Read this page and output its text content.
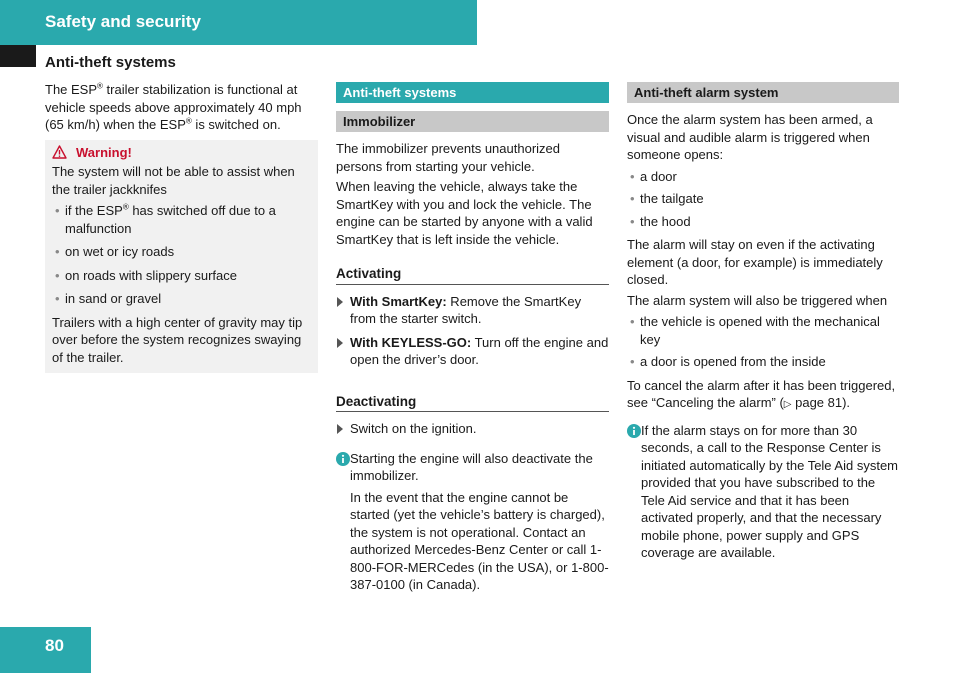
Safety and security
Anti-theft systems

The ESP® trailer stabilization is functional at vehicle speeds above approximately 40 mph (65 km/h) when the ESP® is switched on.

Warning!

The system will not be able to assist when the trailer jackknifes

• if the ESP® has switched off due to a malfunction
• on wet or icy roads
• on roads with slippery surface
• in sand or gravel

Trailers with a high center of gravity may tip over before the system recognizes swaying of the trailer.

Anti-theft systems
Immobilizer

The immobilizer prevents unauthorized persons from starting your vehicle.

When leaving the vehicle, always take the SmartKey with you and lock the vehicle. The engine can be started by anyone with a valid SmartKey that is left inside the vehicle.

Activating
With SmartKey: Remove the SmartKey from the starter switch.
With KEYLESS-GO: Turn off the engine and open the driver’s door.
Deactivating
Switch on the ignition.

Starting the engine will also deactivate the immobilizer.

In the event that the engine cannot be started (yet the vehicle’s battery is charged), the system is not operational. Contact an authorized Mercedes-Benz Center or call 1-800-FOR-MERCedes (in the USA), or 1-800-387-0100 (in Canada).

Anti-theft alarm system

Once the alarm system has been armed, a visual and audible alarm is triggered when someone opens:

• a door
• the tailgate
• the hood

The alarm will stay on even if the activating element (a door, for example) is immediately closed.

The alarm system will also be triggered when

• the vehicle is opened with the mechanical key
• a door is opened from the inside

To cancel the alarm after it has been triggered, see “Canceling the alarm” (▷ page 81).

If the alarm stays on for more than 30 seconds, a call to the Response Center is initiated automatically by the Tele Aid system provided that you have subscribed to the Tele Aid service and that it has been activated properly, and that the necessary mobile phone, power supply and GPS coverage are available.

80
